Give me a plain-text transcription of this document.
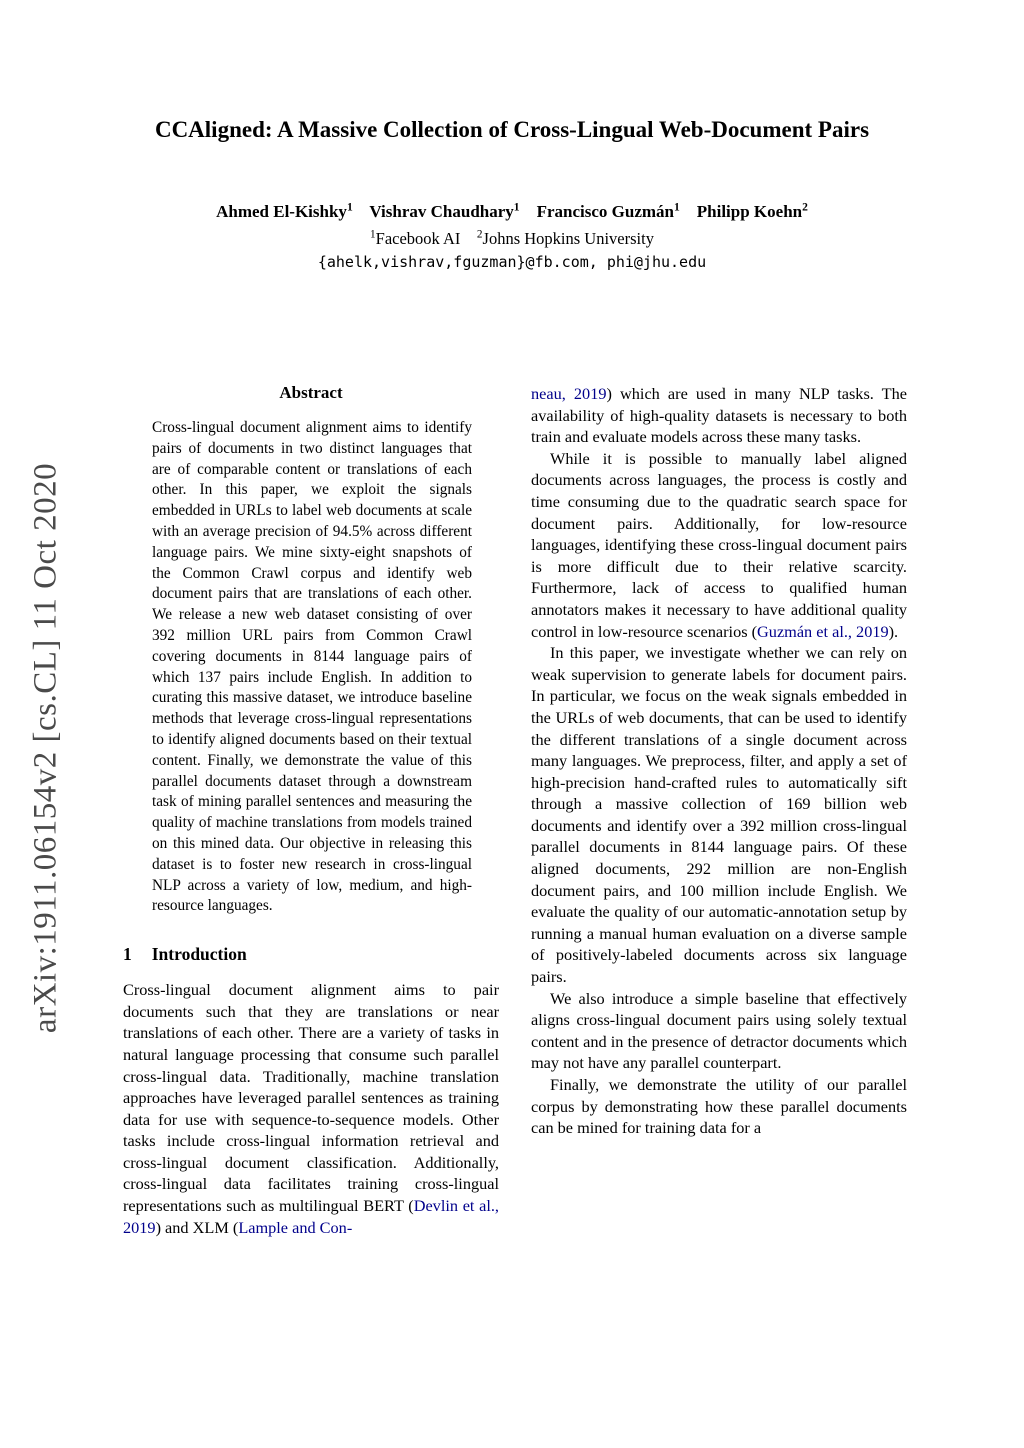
arXiv:1911.06154v2 [cs.CL] 11 Oct 2020
CCAligned: A Massive Collection of Cross-Lingual Web-Document Pairs
Ahmed El-Kishky$^1$    Vishrav Chaudhary$^1$    Francisco Guzmán$^1$    Philipp Koehn$^2$
$^1$Facebook AI    $^2$Johns Hopkins University
{ahelk,vishrav,fguzman}@fb.com, phi@jhu.edu
Abstract
Cross-lingual document alignment aims to identify pairs of documents in two distinct languages that are of comparable content or translations of each other. In this paper, we exploit the signals embedded in URLs to label web documents at scale with an average precision of 94.5% across different language pairs. We mine sixty-eight snapshots of the Common Crawl corpus and identify web document pairs that are translations of each other. We release a new web dataset consisting of over 392 million URL pairs from Common Crawl covering documents in 8144 language pairs of which 137 pairs include English. In addition to curating this massive dataset, we introduce baseline methods that leverage cross-lingual representations to identify aligned documents based on their textual content. Finally, we demonstrate the value of this parallel documents dataset through a downstream task of mining parallel sentences and measuring the quality of machine translations from models trained on this mined data. Our objective in releasing this dataset is to foster new research in cross-lingual NLP across a variety of low, medium, and high-resource languages.
1 Introduction

Cross-lingual document alignment aims to pair documents such that they are translations or near translations of each other. There are a variety of tasks in natural language processing that consume such parallel cross-lingual data. Traditionally, machine translation approaches have leveraged parallel sentences as training data for use with sequence-to-sequence models. Other tasks include cross-lingual information retrieval and cross-lingual document classification. Additionally, cross-lingual data facilitates training cross-lingual representations such as multilingual BERT (Devlin et al., 2019) and XLM (Lample and Con-

neau, 2019) which are used in many NLP tasks. The availability of high-quality datasets is necessary to both train and evaluate models across these many tasks.

While it is possible to manually label aligned documents across languages, the process is costly and time consuming due to the quadratic search space for document pairs. Additionally, for low-resource languages, identifying these cross-lingual document pairs is more difficult due to their relative scarcity. Furthermore, lack of access to qualified human annotators makes it necessary to have additional quality control in low-resource scenarios (Guzmán et al., 2019).

In this paper, we investigate whether we can rely on weak supervision to generate labels for document pairs. In particular, we focus on the weak signals embedded in the URLs of web documents, that can be used to identify the different translations of a single document across many languages. We preprocess, filter, and apply a set of high-precision hand-crafted rules to automatically sift through a massive collection of 169 billion web documents and identify over a 392 million cross-lingual parallel documents in 8144 language pairs. Of these aligned documents, 292 million are non-English document pairs, and 100 million include English. We evaluate the quality of our automatic-annotation setup by running a manual human evaluation on a diverse sample of positively-labeled documents across six language pairs.

We also introduce a simple baseline that effectively aligns cross-lingual document pairs using solely textual content and in the presence of detractor documents which may not have any parallel counterpart.

Finally, we demonstrate the utility of our parallel corpus by demonstrating how these parallel documents can be mined for training data for a
